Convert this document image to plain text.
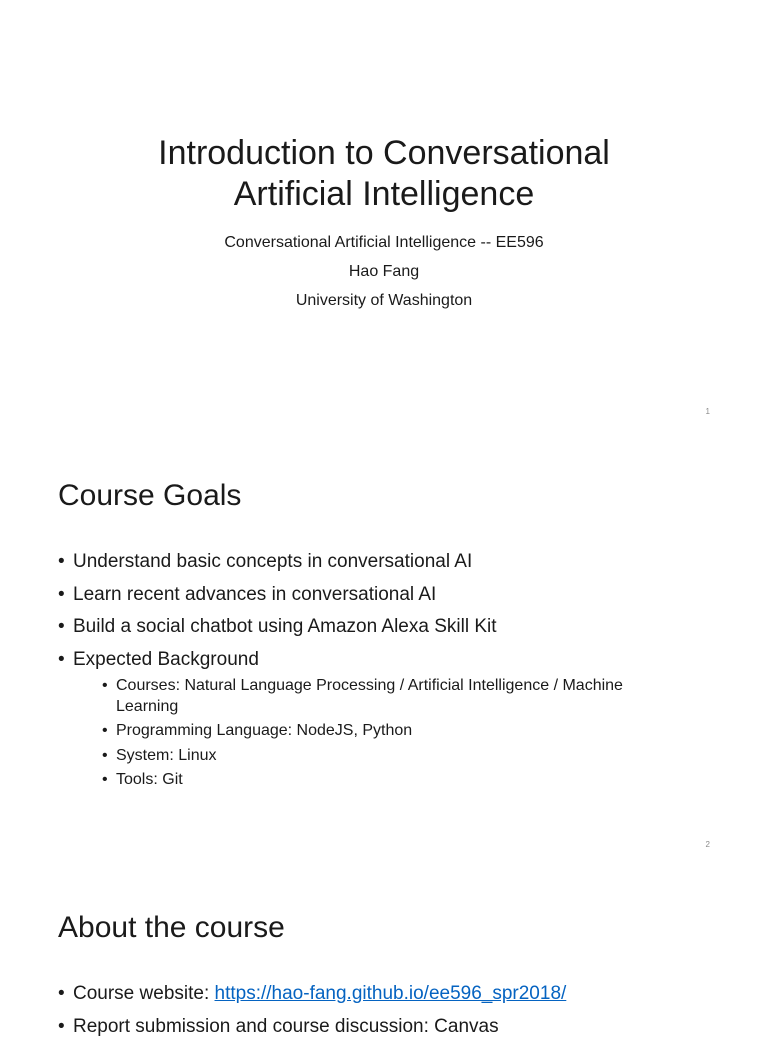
Introduction to Conversational
Artificial Intelligence
Conversational Artificial Intelligence -- EE596
Hao Fang
University of Washington
1
Course Goals
• Understand basic concepts in conversational AI
• Learn recent advances in conversational AI
• Build a social chatbot using Amazon Alexa Skill Kit
• Expected Background
• Courses: Natural Language Processing / Artificial Intelligence / Machine Learning
• Programming Language: NodeJS, Python
• System: Linux
• Tools: Git
2
About the course
• Course website: https://hao-fang.github.io/ee596_spr2018/
• Report submission and course discussion: Canvas
